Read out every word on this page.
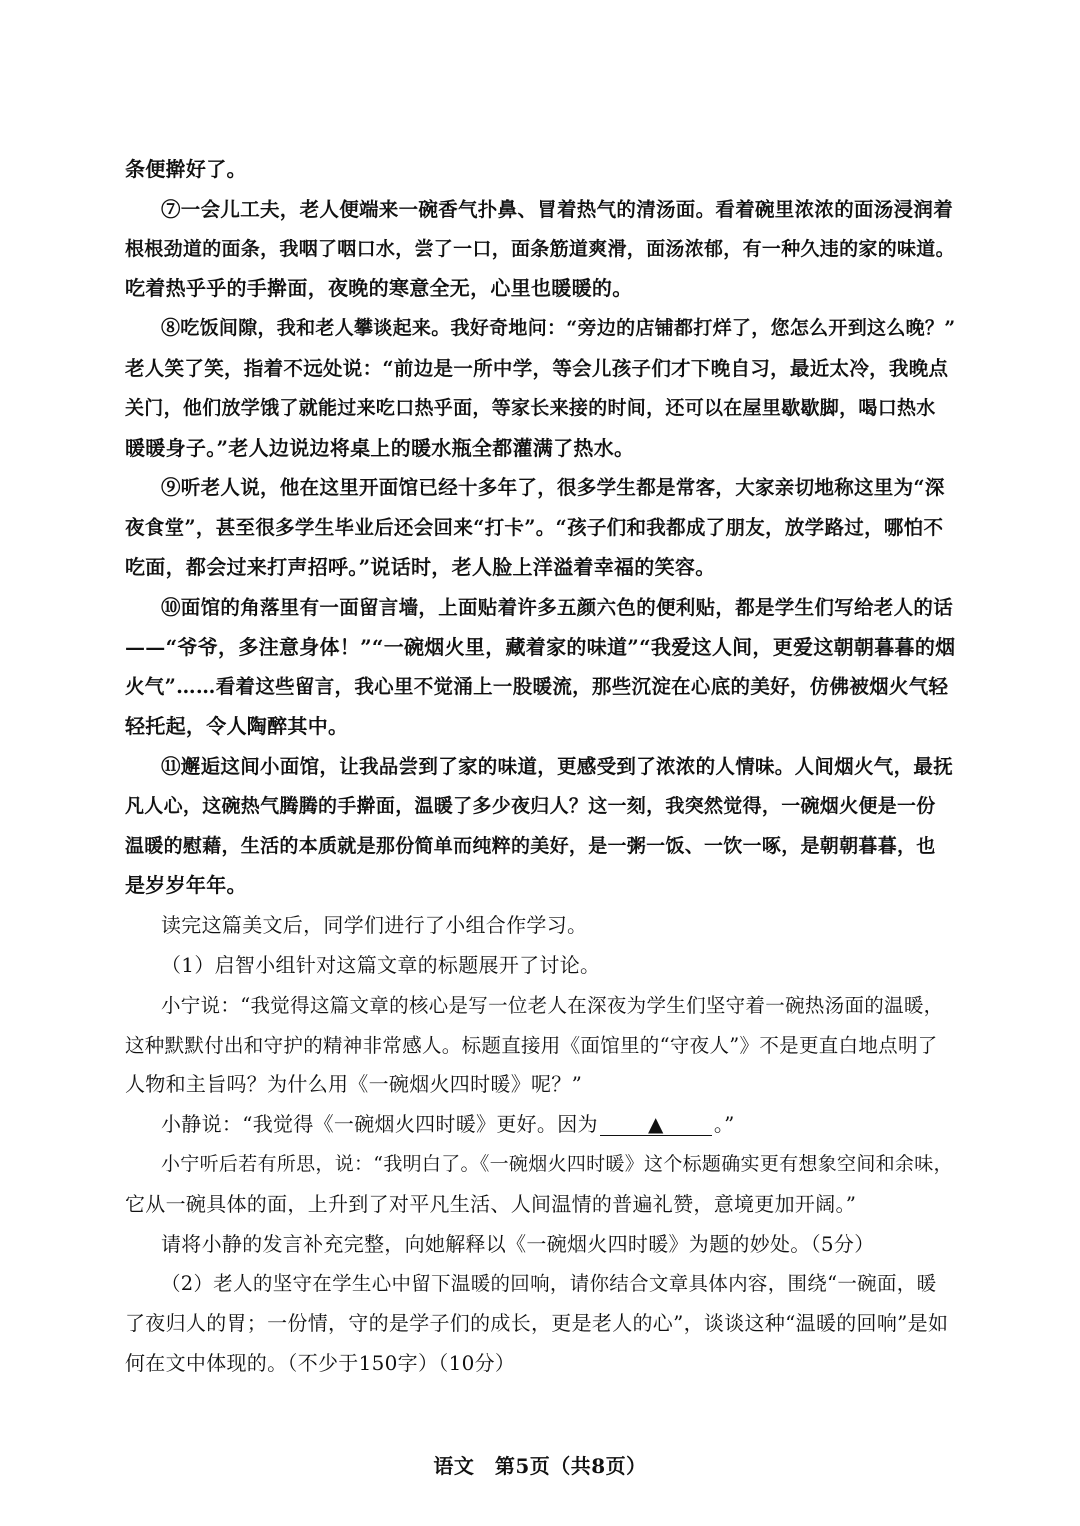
条便擀好了。
⑦一会儿工夫，老人便端来一碗香气扑鼻、冒着热气的清汤面。看着碗里浓浓的面汤浸润着
根根劲道的面条，我咽了咽口水，尝了一口，面条筋道爽滑，面汤浓郁，有一种久违的家的味道。
吃着热乎乎的手擀面，夜晚的寒意全无，心里也暖暖的。
⑧吃饭间隙，我和老人攀谈起来。我好奇地问：“旁边的店铺都打烊了，您怎么开到这么晚？”
老人笑了笑，指着不远处说：“前边是一所中学，等会儿孩子们才下晚自习，最近太冷，我晚点
关门，他们放学饿了就能过来吃口热乎面，等家长来接的时间，还可以在屋里歇歇脚，喝口热水
暖暖身子。”老人边说边将桌上的暖水瓶全都灌满了热水。
⑨听老人说，他在这里开面馆已经十多年了，很多学生都是常客，大家亲切地称这里为“深
夜食堂”，甚至很多学生毕业后还会回来“打卡”。“孩子们和我都成了朋友，放学路过，哪怕不
吃面，都会过来打声招呼。”说话时，老人脸上洋溢着幸福的笑容。
⑩面馆的角落里有一面留言墙，上面贴着许多五颜六色的便利贴，都是学生们写给老人的话
——“爷爷，多注意身体！”“一碗烟火里，藏着家的味道”“我爱这人间，更爱这朝朝暮暮的烟
火气”……看着这些留言，我心里不觉涌上一股暖流，那些沉淀在心底的美好，仿佛被烟火气轻
轻托起，令人陶醉其中。
⑪邂逅这间小面馆，让我品尝到了家的味道，更感受到了浓浓的人情味。人间烟火气，最抚
凡人心，这碗热气腾腾的手擀面，温暖了多少夜归人？这一刻，我突然觉得，一碗烟火便是一份
温暖的慰藉，生活的本质就是那份简单而纯粹的美好，是一粥一饭、一饮一啄，是朝朝暮暮，也
是岁岁年年。
读完这篇美文后，同学们进行了小组合作学习。
（1）启智小组针对这篇文章的标题展开了讨论。
小宁说：“我觉得这篇文章的核心是写一位老人在深夜为学生们坚守着一碗热汤面的温暖，
这种默默付出和守护的精神非常感人。标题直接用《面馆里的“守夜人”》不是更直白地点明了
人物和主旨吗？为什么用《一碗烟火四时暖》呢？”
小静说：“我觉得《一碗烟火四时暖》更好。因为	▲	。”
小宁听后若有所思，说：“我明白了。《一碗烟火四时暖》这个标题确实更有想象空间和余味，
它从一碗具体的面，上升到了对平凡生活、人间温情的普遍礼赞，意境更加开阔。”
请将小静的发言补充完整，向她解释以《一碗烟火四时暖》为题的妙处。（5分）
（2）老人的坚守在学生心中留下温暖的回响，请你结合文章具体内容，围绕“一碗面，暖
了夜归人的胃；一份情，守的是学子们的成长，更是老人的心”，谈谈这种“温暖的回响”是如
何在文中体现的。（不少于150字）（10分）
语文　第5页（共8页）
